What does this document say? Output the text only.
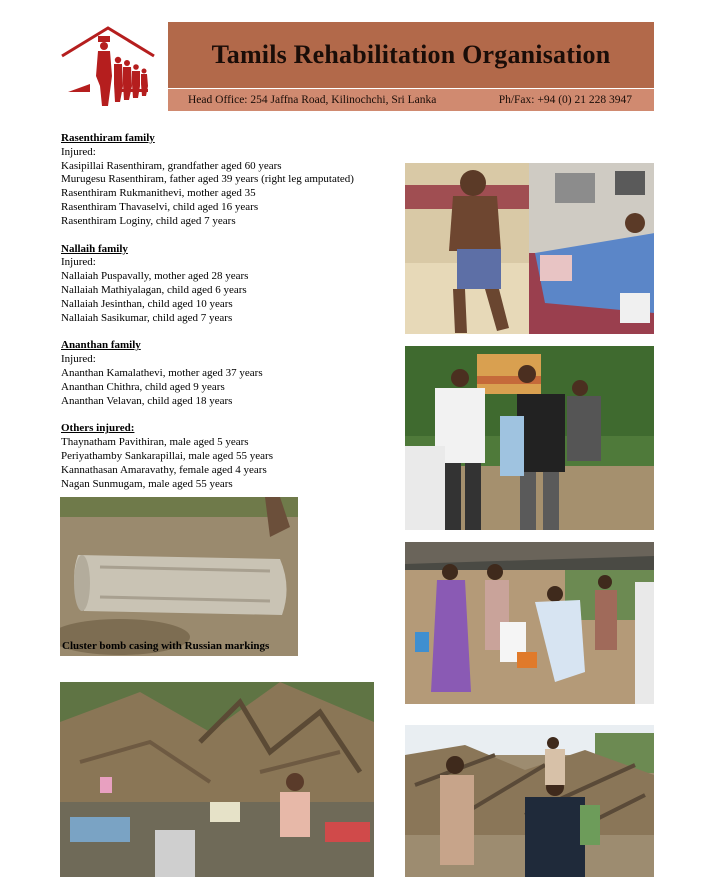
Tamils Rehabilitation Organisation
Head Office: 254 Jaffna Road, Kilinochchi, Sri Lanka	Ph/Fax: +94 (0) 21 228 3947
Rasenthiram family
Injured:
Kasipillai Rasenthiram, grandfather aged 60 years
Murugesu Rasenthiram, father aged 39 years (right leg amputated)
Rasenthiram Rukmanithevi, mother aged 35
Rasenthiram Thavaselvi, child aged 16 years
Rasenthiram Loginy, child aged 7 years
Nallaih family
Injured:
Nallaiah Puspavally, mother aged 28 years
Nallaiah Mathiyalagan, child aged 6 years
Nallaiah Jesinthan, child aged 10 years
Nallaiah Sasikumar, child aged 7 years
Ananthan family
Injured:
Ananthan Kamalathevi, mother aged 37 years
Ananthan Chithra, child aged 9 years
Ananthan Velavan, child aged 18 years
Others injured:
Thaynatham Pavithiran, male aged 5 years
Periyathamby Sankarapillai, male aged 55 years
Kannathasan Amaravathy, female aged 4 years
Nagan Sunmugam, male aged 55 years
Cluster bomb casing with Russian markings
